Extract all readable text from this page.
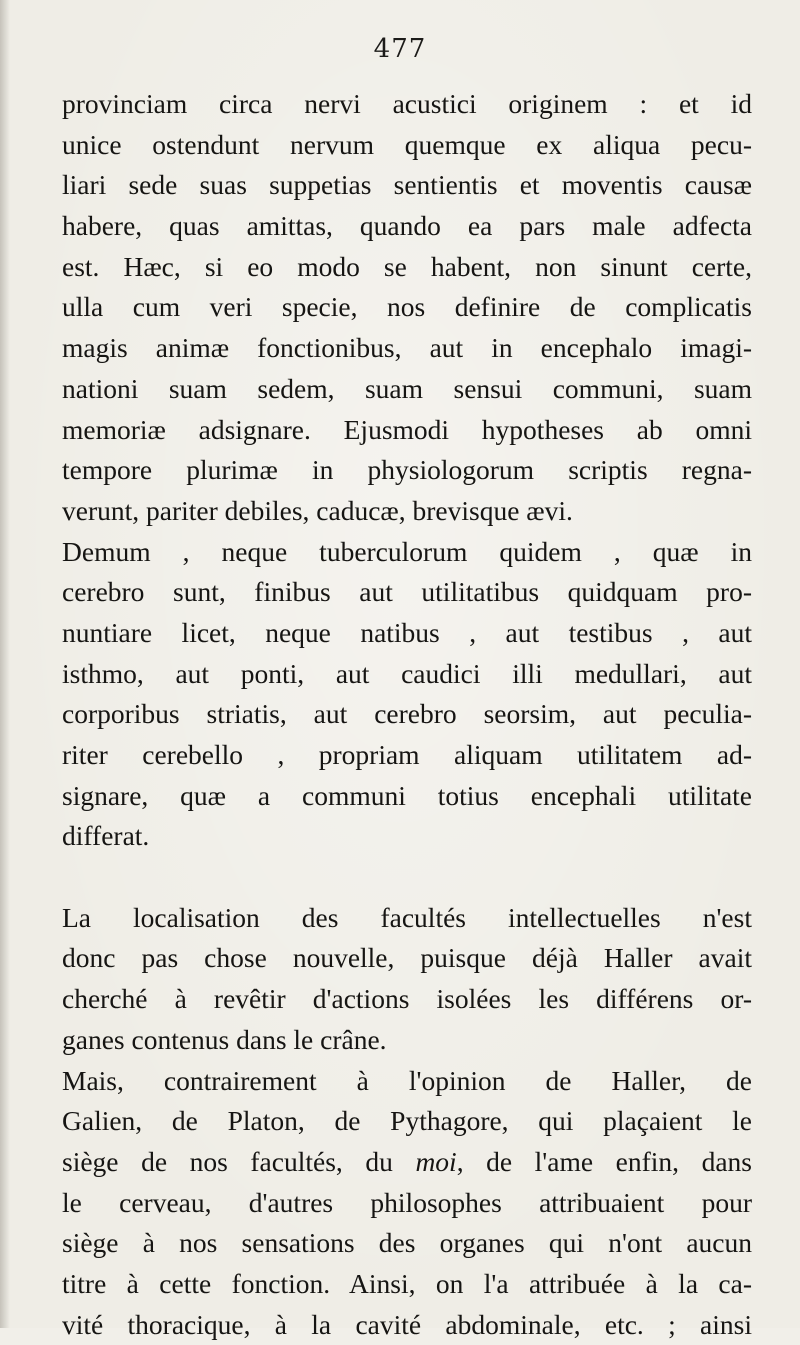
477
provinciam circa nervi acustici originem : et id
unice ostendunt nervum quemque ex aliqua pecu-
liari sede suas suppetias sentientis et moventis causæ
habere, quas amittas, quando ea pars male adfecta
est. Hæc, si eo modo se habent, non sinunt certe,
ulla cum veri specie, nos definire de complicatis
magis animæ fonctionibus, aut in encephalo imagi-
nationi suam sedem, suam sensui communi, suam
memoriæ adsignare. Ejusmodi hypotheses ab omni
tempore plurimæ in physiologorum scriptis regna-
verunt, pariter debiles, caducæ, brevisque ævi.
Demum , neque tuberculorum quidem , quæ in
cerebro sunt, finibus aut utilitatibus quidquam pro-
nuntiare licet, neque natibus , aut testibus , aut
isthmo, aut ponti, aut caudici illi medullari, aut
corporibus striatis, aut cerebro seorsim, aut peculia-
riter cerebello , propriam aliquam utilitatem ad-
signare, quæ a communi totius encephali utilitate
differat.
La localisation des facultés intellectuelles n'est
donc pas chose nouvelle, puisque déjà Haller avait
cherché à revêtir d'actions isolées les différens or-
ganes contenus dans le crâne.
Mais, contrairement à l'opinion de Haller, de
Galien, de Platon, de Pythagore, qui plaçaient le
siège de nos facultés, du moi, de l'ame enfin, dans
le cerveau, d'autres philosophes attribuaient pour
siège à nos sensations des organes qui n'ont aucun
titre à cette fonction. Ainsi, on l'a attribuée à la ca-
vité thoracique, à la cavité abdominale, etc. ; ainsi
